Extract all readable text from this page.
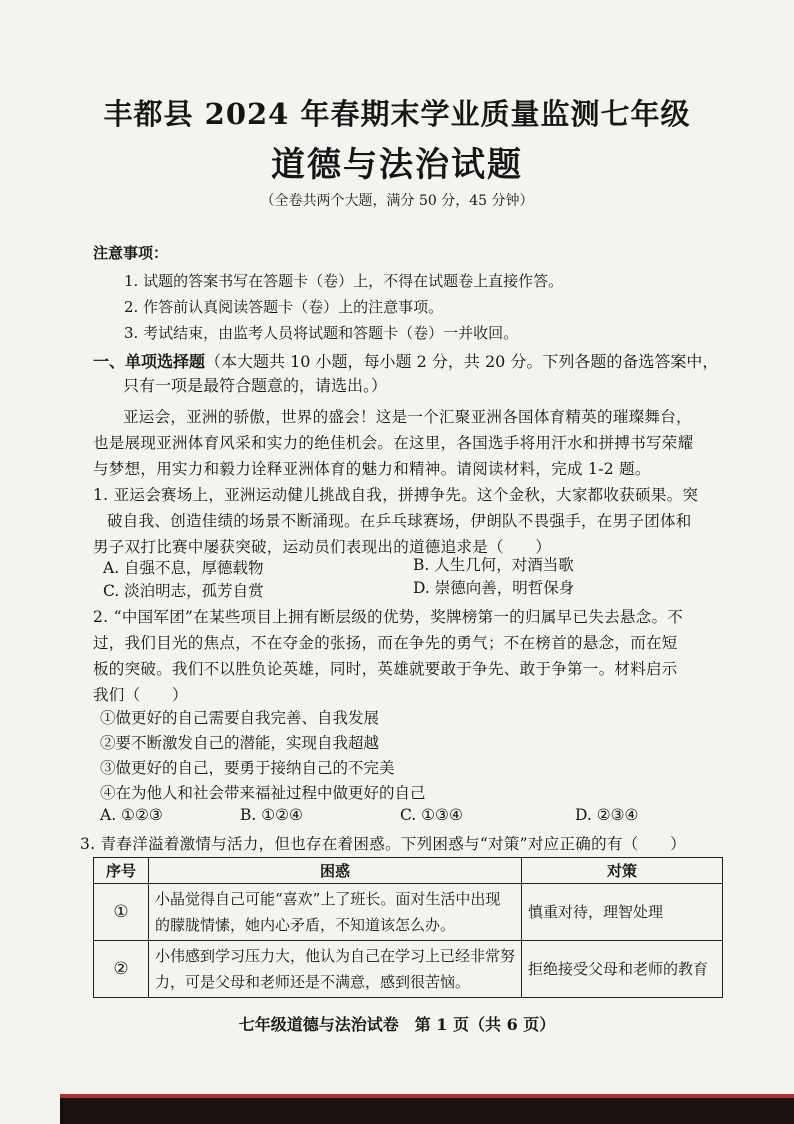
丰都县 2024 年春期末学业质量监测七年级
道德与法治试题
（全卷共两个大题，满分 50 分，45 分钟）
注意事项：
1. 试题的答案书写在答题卡（卷）上，不得在试题卷上直接作答。
2. 作答前认真阅读答题卡（卷）上的注意事项。
3. 考试结束，由监考人员将试题和答题卡（卷）一并收回。
一、单项选择题（本大题共 10 小题，每小题 2 分，共 20 分。下列各题的备选答案中，
只有一项是最符合题意的，请选出。）
亚运会，亚洲的骄傲，世界的盛会！这是一个汇聚亚洲各国体育精英的璀璨舞台，
也是展现亚洲体育风采和实力的绝佳机会。在这里，各国选手将用汗水和拼搏书写荣耀
与梦想，用实力和毅力诠释亚洲体育的魅力和精神。请阅读材料，完成 1-2 题。
1. 亚运会赛场上，亚洲运动健儿挑战自我，拼搏争先。这个金秋，大家都收获硕果。突
破自我、创造佳绩的场景不断涌现。在乒乓球赛场，伊朗队不畏强手，在男子团体和
男子双打比赛中屡获突破，运动员们表现出的道德追求是（　　）
A. 自强不息，厚德载物	B. 人生几何，对酒当歌
C. 淡泊明志，孤芳自赏	D. 崇德向善，明哲保身
2. “中国军团”在某些项目上拥有断层级的优势，奖牌榜第一的归属早已失去悬念。不
过，我们目光的焦点，不在夺金的张扬，而在争先的勇气；不在榜首的悬念，而在短
板的突破。我们不以胜负论英雄，同时，英雄就要敢于争先、敢于争第一。材料启示
我们（　　）
①做更好的自己需要自我完善、自我发展
②要不断激发自己的潜能，实现自我超越
③做更好的自己，要勇于接纳自己的不完美
④在为他人和社会带来福祉过程中做更好的自己
A. ①②③	B. ①②④	C. ①③④	D. ②③④
3. 青春洋溢着激情与活力，但也存在着困惑。下列困惑与“对策”对应正确的有（　　）
序号	困惑	对策
①	小晶觉得自己可能“喜欢”上了班长。面对生活中出现的朦胧情愫，她内心矛盾，不知道该怎么办。	慎重对待，理智处理
②	小伟感到学习压力大，他认为自己在学习上已经非常努力，可是父母和老师还是不满意，感到很苦恼。	拒绝接受父母和老师的教育
七年级道德与法治试卷　第 1 页（共 6 页）
